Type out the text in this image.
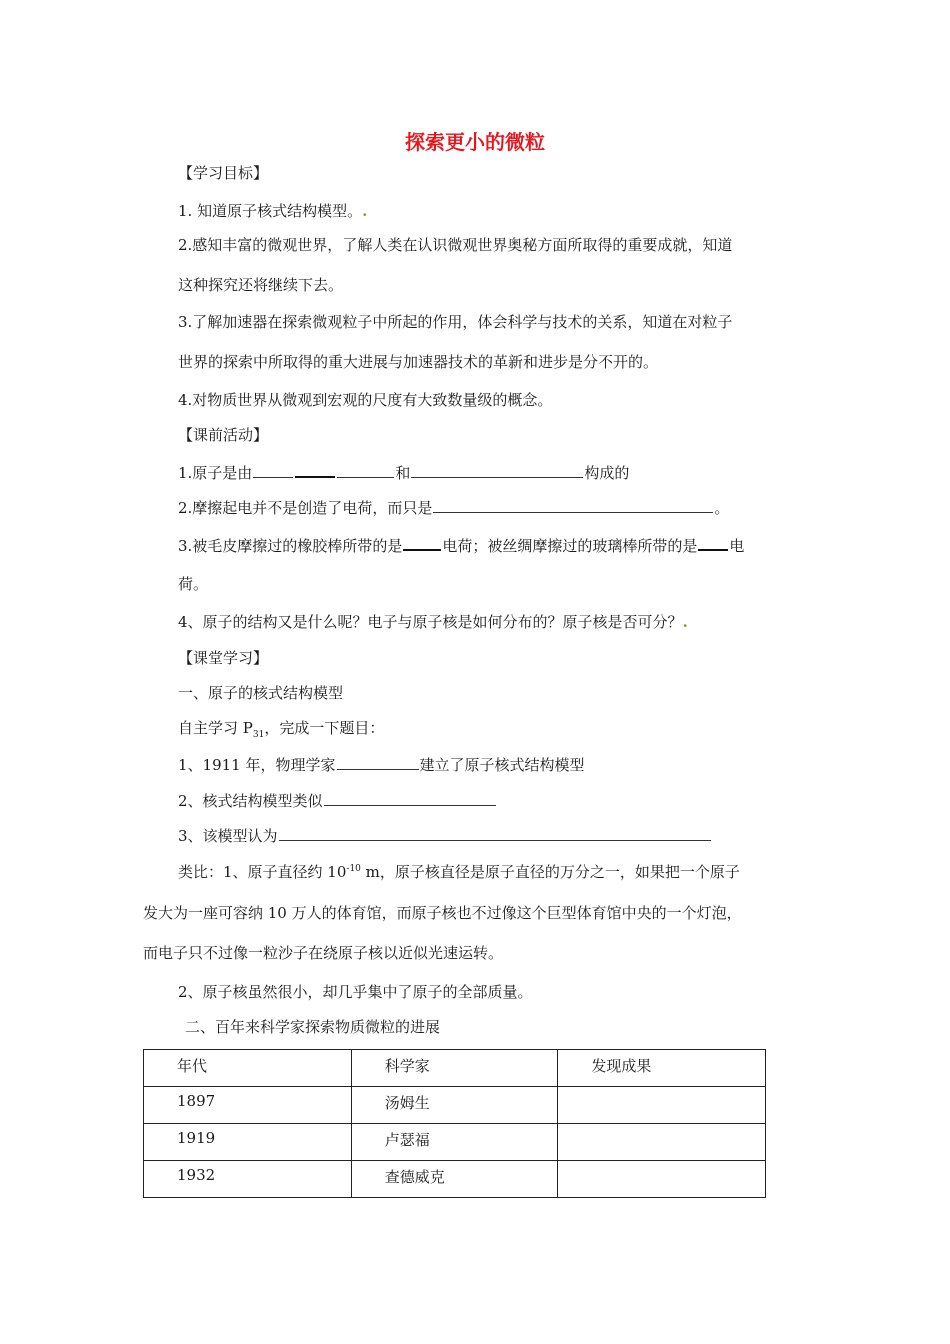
探索更小的微粒
【学习目标】
1. 知道原子核式结构模型。.
2.感知丰富的微观世界，了解人类在认识微观世界奥秘方面所取得的重要成就，知道
这种探究还将继续下去。
3.了解加速器在探索微观粒子中所起的作用，体会科学与技术的关系，知道在对粒子
世界的探索中所取得的重大进展与加速器技术的革新和进步是分不开的。
4.对物质世界从微观到宏观的尺度有大致数量级的概念。
【课前活动】
1.原子是由	和	构成的
2.摩擦起电并不是创造了电荷，而只是	。
3.被毛皮摩擦过的橡胶棒所带的是	电荷；被丝绸摩擦过的玻璃棒所带的是 电
荷。
4、原子的结构又是什么呢？电子与原子核是如何分布的？原子核是否可分？.
【课堂学习】
一、原子的核式结构模型
自主学习 $P_{31}$，完成一下题目：
1、1911 年，物理学家	建立了原子核式结构模型
2、核式结构模型类似
3、该模型认为
类比：1、原子直径约 $10^{-10}$ m，原子核直径是原子直径的万分之一，如果把一个原子
发大为一座可容纳 10 万人的体育馆，而原子核也不过像这个巨型体育馆中央的一个灯泡，
而电子只不过像一粒沙子在绕原子核以近似光速运转。
2、原子核虽然很小，却几乎集中了原子的全部质量。
二、百年来科学家探索物质微粒的进展
年代	科学家	发现成果
1897	汤姆生	
1919	卢瑟福	
1932	查德威克	
